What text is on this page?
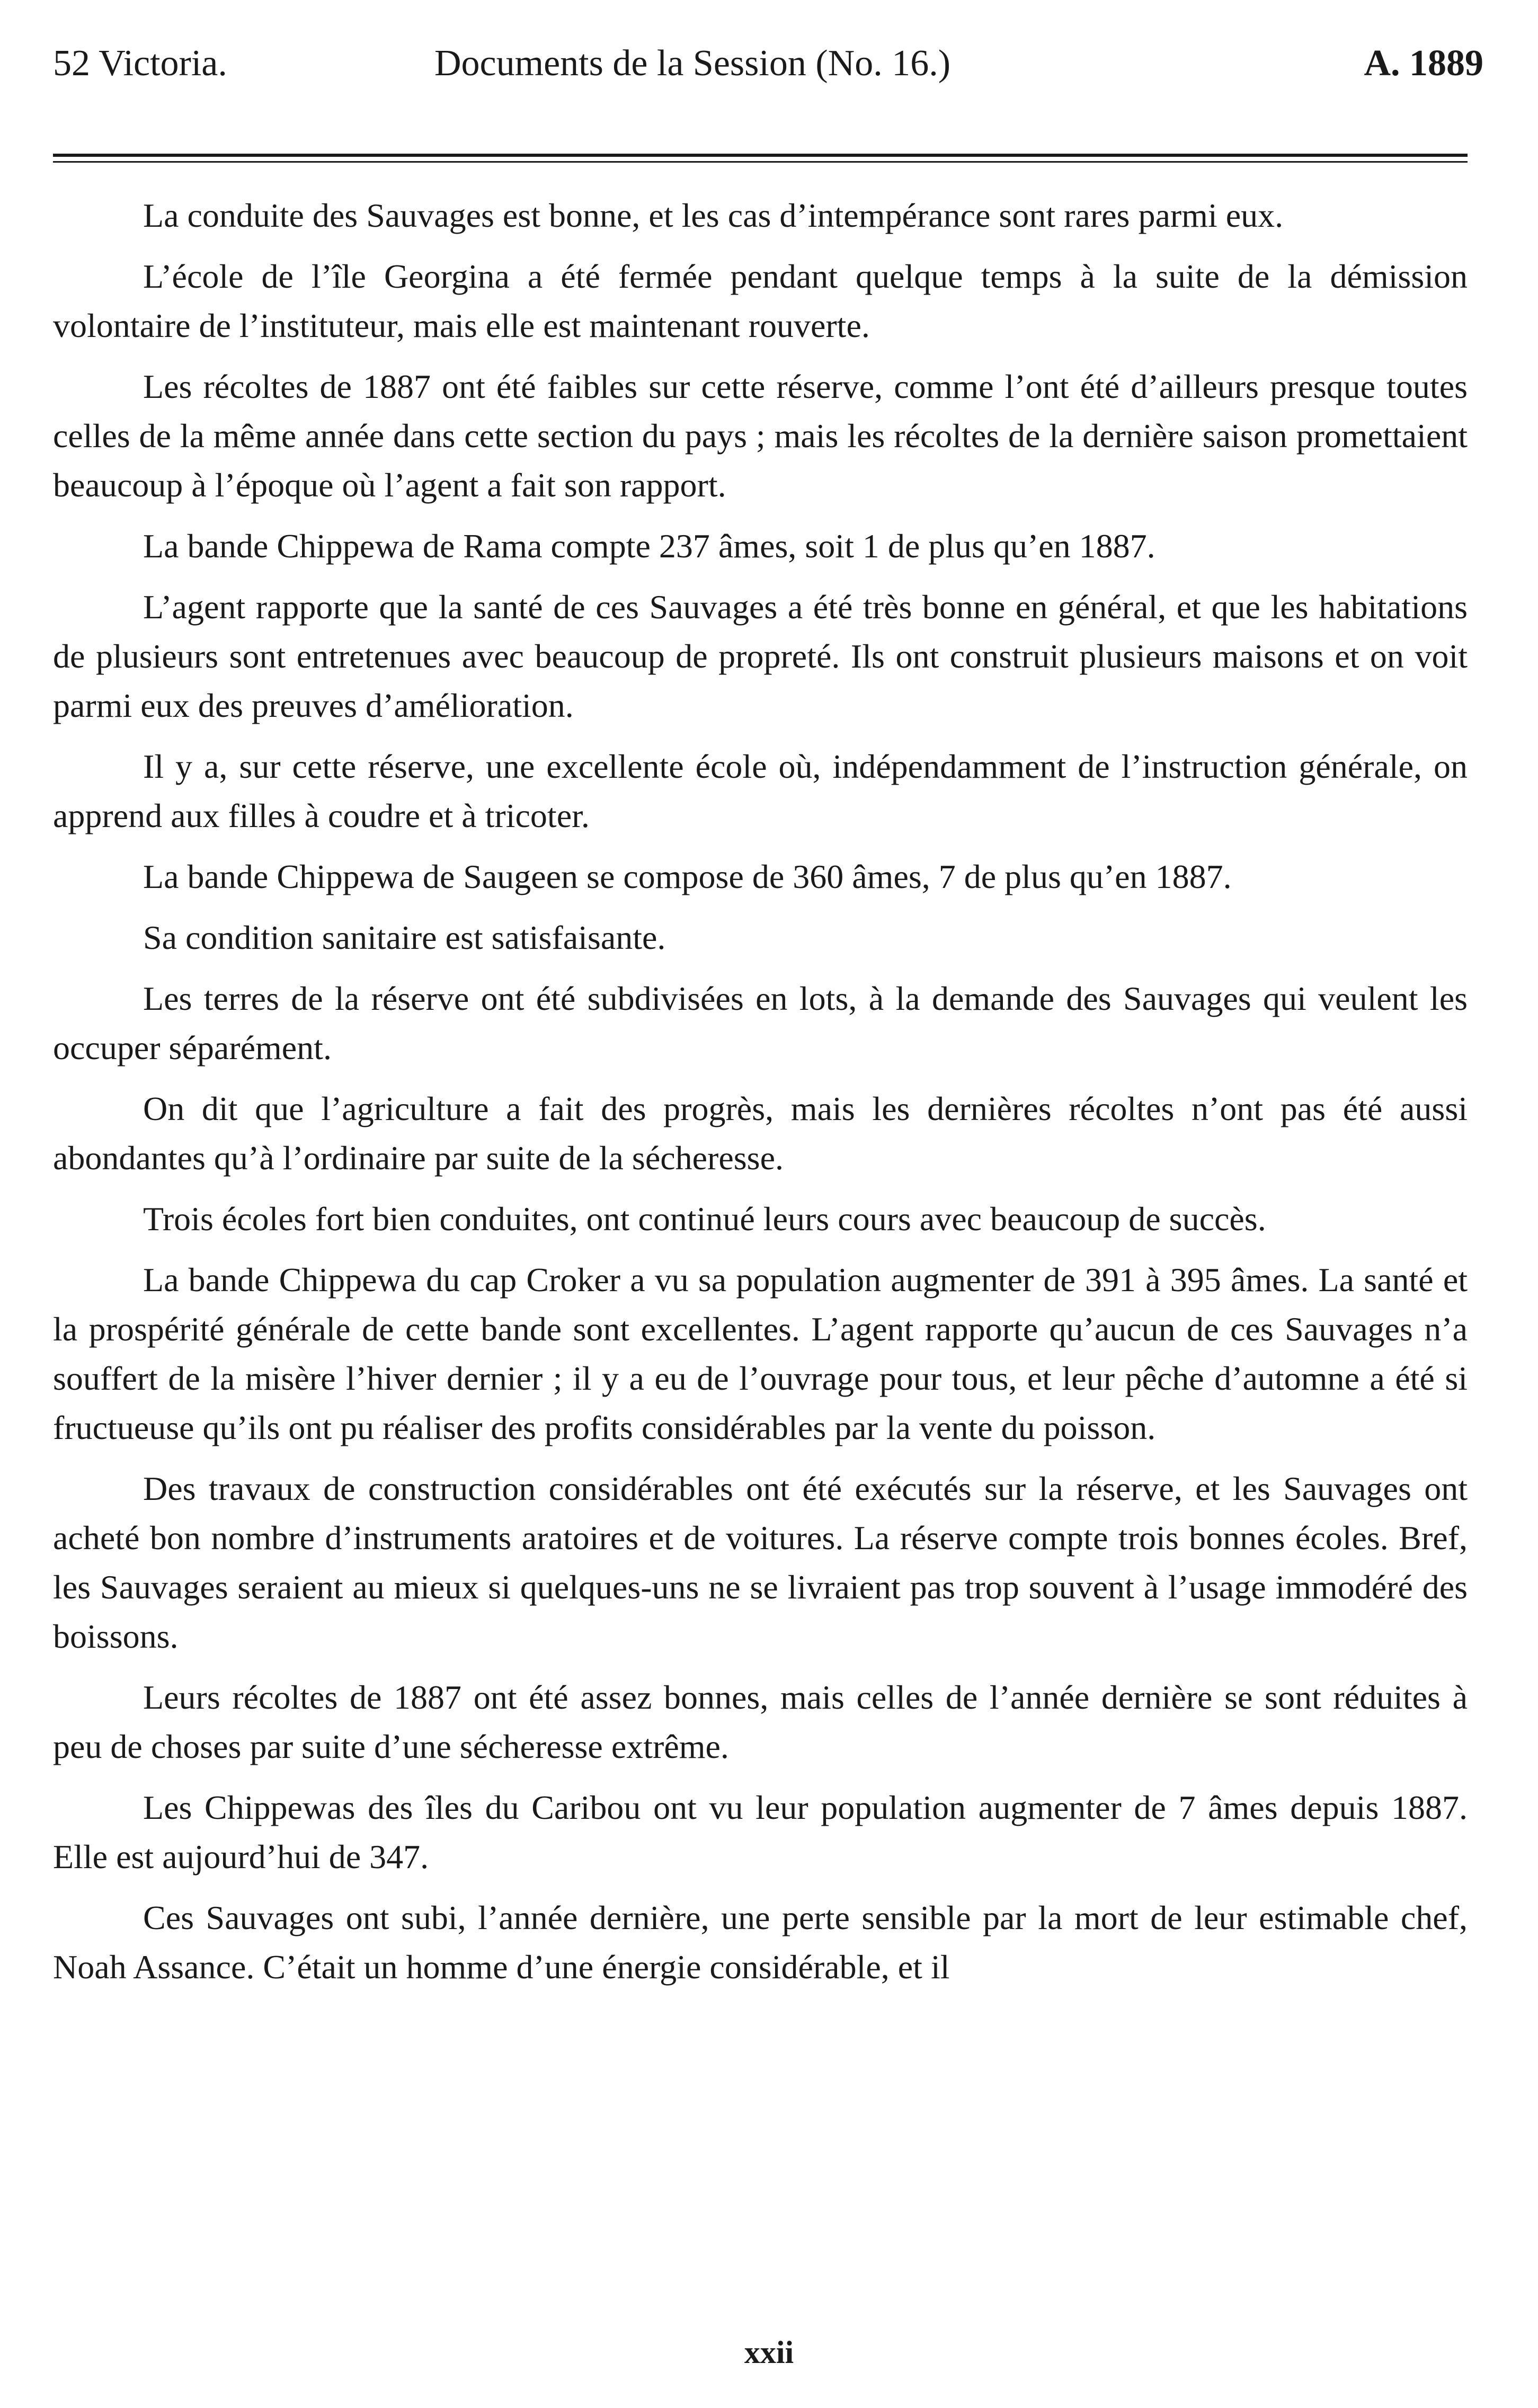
52 Victoria.	Documents de la Session (No. 16.)	A. 1889

La conduite des Sauvages est bonne, et les cas d’intempérance sont rares parmi eux.

L’école de l’île Georgina a été fermée pendant quelque temps à la suite de la démission volontaire de l’instituteur, mais elle est maintenant rouverte.

Les récoltes de 1887 ont été faibles sur cette réserve, comme l’ont été d’ailleurs presque toutes celles de la même année dans cette section du pays ; mais les récoltes de la dernière saison promettaient beaucoup à l’époque où l’agent a fait son rapport.

La bande Chippewa de Rama compte 237 âmes, soit 1 de plus qu’en 1887.

L’agent rapporte que la santé de ces Sauvages a été très bonne en général, et que les habitations de plusieurs sont entretenues avec beaucoup de propreté. Ils ont construit plusieurs maisons et on voit parmi eux des preuves d’amélioration.

Il y a, sur cette réserve, une excellente école où, indépendamment de l’instruction générale, on apprend aux filles à coudre et à tricoter.

La bande Chippewa de Saugeen se compose de 360 âmes, 7 de plus qu’en 1887.

Sa condition sanitaire est satisfaisante.

Les terres de la réserve ont été subdivisées en lots, à la demande des Sauvages qui veulent les occuper séparément.

On dit que l’agriculture a fait des progrès, mais les dernières récoltes n’ont pas été aussi abondantes qu’à l’ordinaire par suite de la sécheresse.

Trois écoles fort bien conduites, ont continué leurs cours avec beaucoup de succès.

La bande Chippewa du cap Croker a vu sa population augmenter de 391 à 395 âmes. La santé et la prospérité générale de cette bande sont excellentes. L’agent rapporte qu’aucun de ces Sauvages n’a souffert de la misère l’hiver dernier ; il y a eu de l’ouvrage pour tous, et leur pêche d’automne a été si fructueuse qu’ils ont pu réaliser des profits considérables par la vente du poisson.

Des travaux de construction considérables ont été exécutés sur la réserve, et les Sauvages ont acheté bon nombre d’instruments aratoires et de voitures. La réserve compte trois bonnes écoles. Bref, les Sauvages seraient au mieux si quelques-uns ne se livraient pas trop souvent à l’usage immodéré des boissons.

Leurs récoltes de 1887 ont été assez bonnes, mais celles de l’année dernière se sont réduites à peu de choses par suite d’une sécheresse extrême.

Les Chippewas des îles du Caribou ont vu leur population augmenter de 7 âmes depuis 1887. Elle est aujourd’hui de 347.

Ces Sauvages ont subi, l’année dernière, une perte sensible par la mort de leur estimable chef, Noah Assance. C’était un homme d’une énergie considérable, et il

xxii
